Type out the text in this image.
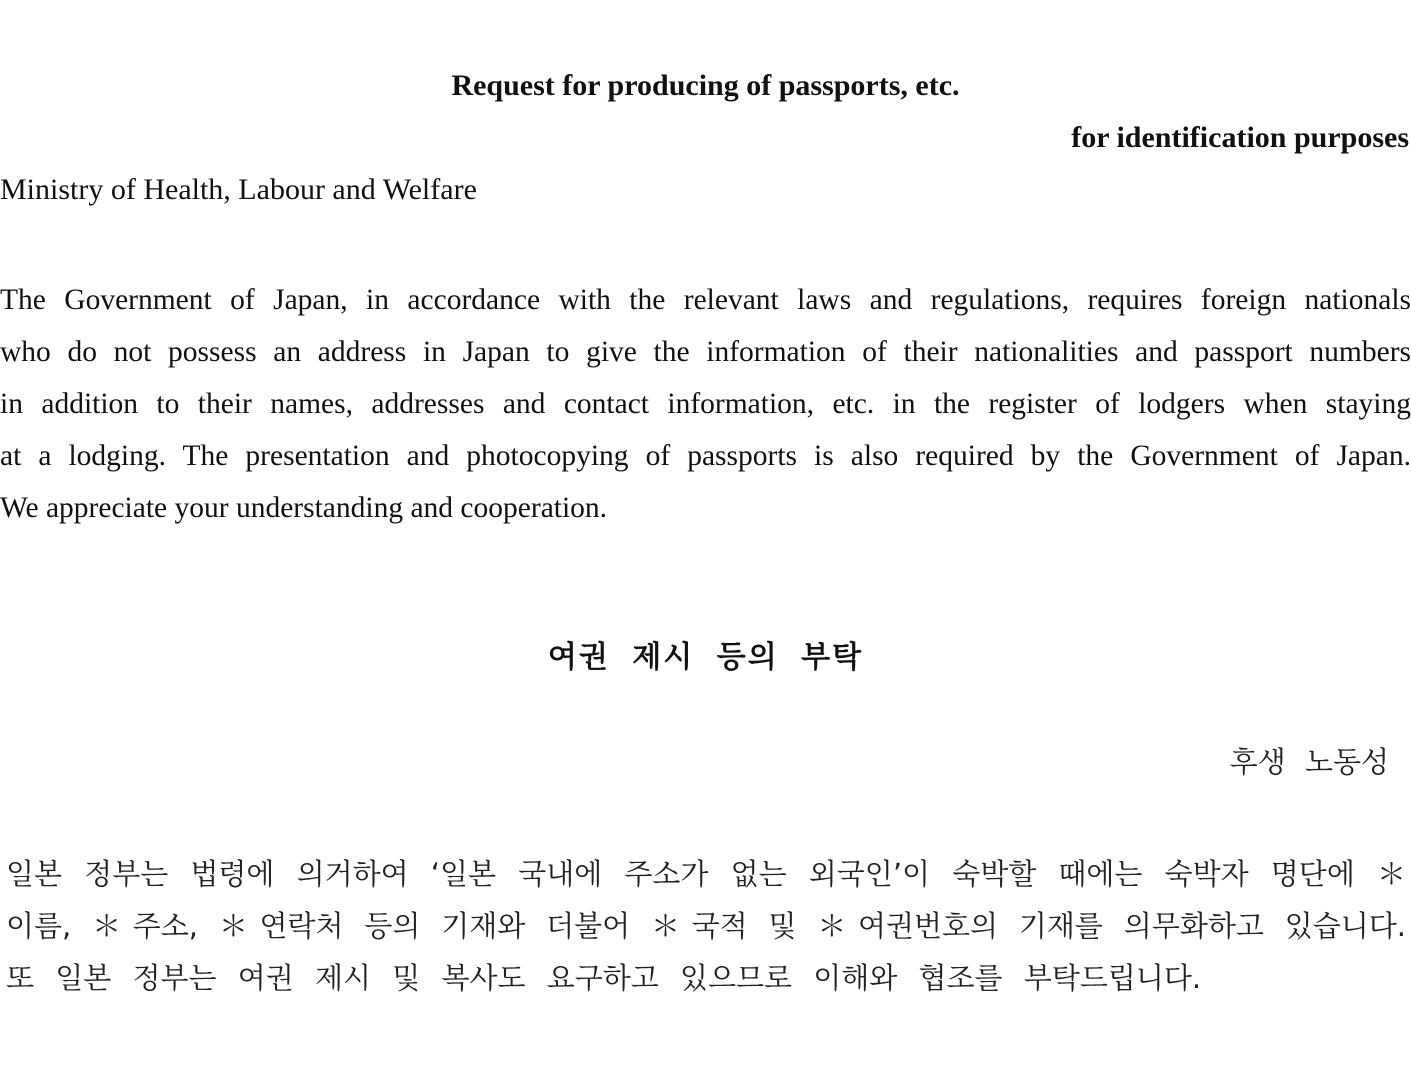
Request for producing of passports, etc.
for identification purposes
Ministry of Health, Labour and Welfare
The Government of Japan, in accordance with the relevant laws and regulations, requires foreign nationals
who do not possess an address in Japan to give the information of their nationalities and passport numbers
in addition to their names, addresses and contact information, etc. in the register of lodgers when staying
at a lodging. The presentation and photocopying of passports is also required by the Government of Japan.
We appreciate your understanding and cooperation.
여권 제시 등의 부탁
후생 노동성
일본 정부는 법령에 의거하여 ‘일본 국내에 주소가 없는 외국인’이 숙박할 때에는 숙박자 명단에 ＊
이름, ＊주소, ＊연락처 등의 기재와 더불어 ＊국적 및 ＊여권번호의 기재를 의무화하고 있습니다.
또 일본 정부는 여권 제시 및 복사도 요구하고 있으므로 이해와 협조를 부탁드립니다.
